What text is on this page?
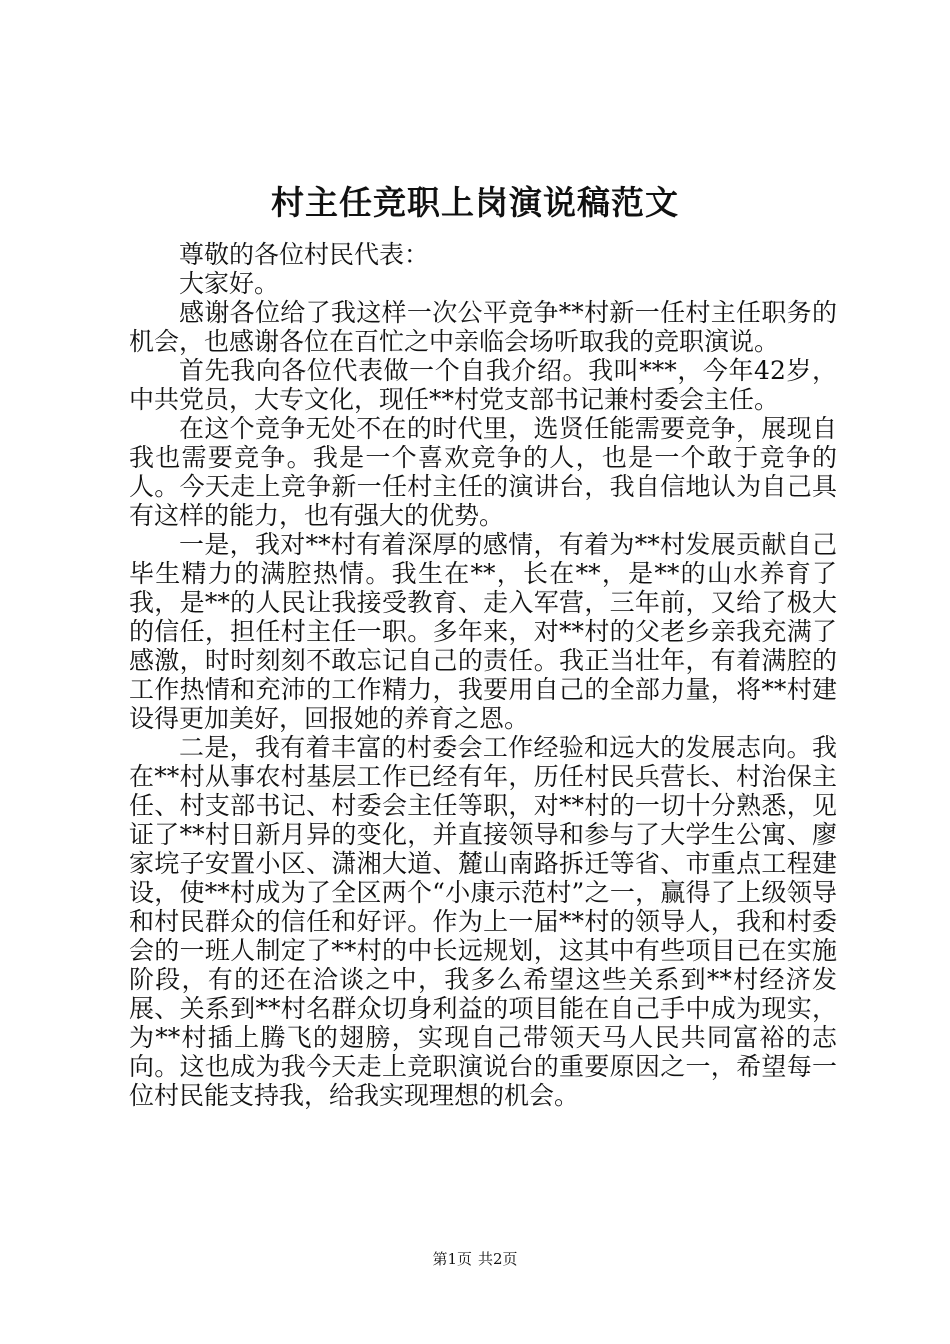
村主任竞职上岗演说稿范文

尊敬的各位村民代表：

大家好。

感谢各位给了我这样一次公平竞争**村新一任村主任职务的机会，也感谢各位在百忙之中亲临会场听取我的竞职演说。

首先我向各位代表做一个自我介绍。我叫***，今年42岁，中共党员，大专文化，现任**村党支部书记兼村委会主任。

在这个竞争无处不在的时代里，选贤任能需要竞争，展现自我也需要竞争。我是一个喜欢竞争的人，也是一个敢于竞争的人。今天走上竞争新一任村主任的演讲台，我自信地认为自己具有这样的能力，也有强大的优势。

一是，我对**村有着深厚的感情，有着为**村发展贡献自己毕生精力的满腔热情。我生在**，长在**，是**的山水养育了我，是**的人民让我接受教育、走入军营，三年前，又给了极大的信任，担任村主任一职。多年来，对**村的父老乡亲我充满了感激，时时刻刻不敢忘记自己的责任。我正当壮年，有着满腔的工作热情和充沛的工作精力，我要用自己的全部力量，将**村建设得更加美好，回报她的养育之恩。

二是，我有着丰富的村委会工作经验和远大的发展志向。我在**村从事农村基层工作已经有年，历任村民兵营长、村治保主任、村支部书记、村委会主任等职，对**村的一切十分熟悉，见证了**村日新月异的变化，并直接领导和参与了大学生公寓、廖家垸子安置小区、潇湘大道、麓山南路拆迁等省、市重点工程建设，使**村成为了全区两个“小康示范村”之一，赢得了上级领导和村民群众的信任和好评。作为上一届**村的领导人，我和村委会的一班人制定了**村的中长远规划，这其中有些项目已在实施阶段，有的还在洽谈之中，我多么希望这些关系到**村经济发展、关系到**村名群众切身利益的项目能在自己手中成为现实，为**村插上腾飞的翅膀，实现自己带领天马人民共同富裕的志向。这也成为我今天走上竞职演说台的重要原因之一，希望每一位村民能支持我，给我实现理想的机会。

第1页 共2页
